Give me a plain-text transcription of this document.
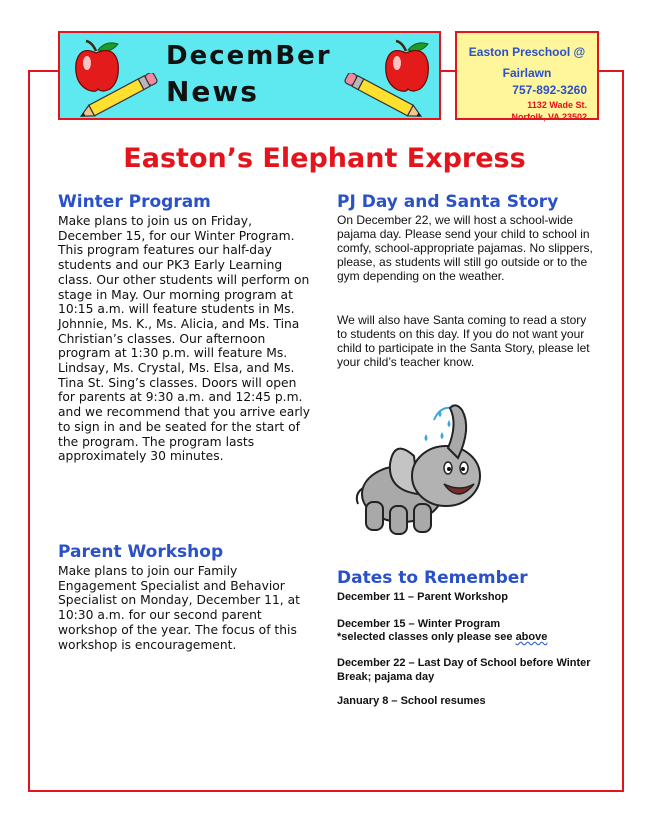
DecemBer
News
Easton Preschool @ Fairlawn
757-892-3260
1132 Wade St.
Norfolk, VA 23502
Easton’s Elephant Express
Winter Program
Make plans to join us on Friday, December 15, for our Winter Program. This program features our half-day students and our PK3 Early Learning class. Our other students will perform on stage in May. Our morning program at 10:15 a.m. will feature students in Ms. Johnnie, Ms. K., Ms. Alicia, and Ms. Tina Christian’s classes. Our afternoon program at 1:30 p.m. will feature Ms. Lindsay, Ms. Crystal, Ms. Elsa, and Ms. Tina St. Sing’s classes. Doors will open for parents at 9:30 a.m. and 12:45 p.m. and we recommend that you arrive early to sign in and be seated for the start of the program. The program lasts approximately 30 minutes.
Parent Workshop
Make plans to join our Family Engagement Specialist and Behavior Specialist on Monday, December 11, at 10:30 a.m. for our second parent workshop of the year. The focus of this workshop is encouragement.
PJ Day and Santa Story
On December 22, we will host a school-wide pajama day. Please send your child to school in comfy, school-appropriate pajamas. No slippers, please, as students will still go outside or to the gym depending on the weather.
We will also have Santa coming to read a story to students on this day. If you do not want your child to participate in the Santa Story, please let your child’s teacher know.
Dates to Remember
December 11 – Parent Workshop
December 15 – Winter Program
*selected classes only please see above
December 22 – Last Day of School before Winter Break; pajama day
January 8 – School resumes
